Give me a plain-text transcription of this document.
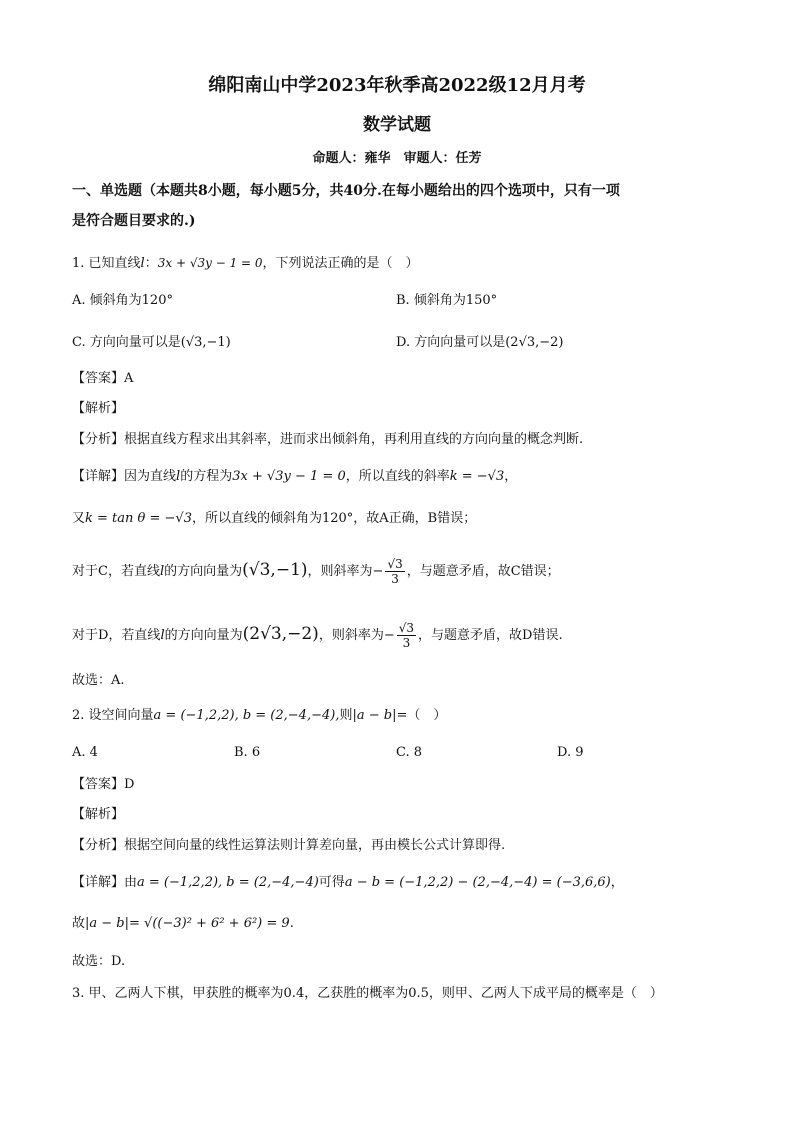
绵阳南山中学2023年秋季高2022级12月月考
数学试题
命题人：雍华　审题人：任芳
一、单选题（本题共8小题，每小题5分，共40分.在每小题给出的四个选项中，只有一项
是符合题目要求的.)
1. 已知直线l：3x + √3y − 1 = 0，下列说法正确的是（　）
A. 倾斜角为120°	B. 倾斜角为150°
C. 方向向量可以是(√3,−1)	D. 方向向量可以是(2√3,−2)
【答案】A
【解析】
【分析】根据直线方程求出其斜率，进而求出倾斜角，再利用直线的方向向量的概念判断.
【详解】因为直线l的方程为3x + √3y − 1 = 0，所以直线的斜率k = −√3，
又k = tan θ = −√3，所以直线的倾斜角为120°，故A正确，B错误；
对于C，若直线l的方向向量为(√3,−1)，则斜率为− $\frac{√3}{3}$ ，与题意矛盾，故C错误；
对于D，若直线l的方向向量为(2√3,−2)，则斜率为− $\frac{√3}{3}$ ，与题意矛盾，故D错误.
故选：A.
2. 设空间向量a = (−1,2,2), b = (2,−4,−4),则|a − b|=（　）
A. 4	B. 6	C. 8	D. 9
【答案】D
【解析】
【分析】根据空间向量的线性运算法则计算差向量，再由模长公式计算即得.
【详解】由a = (−1,2,2), b = (2,−4,−4)可得a − b = (−1,2,2) − (2,−4,−4) = (−3,6,6)，
故|a − b|= √((−3)² + 6² + 6²) = 9.
故选：D.
3. 甲、乙两人下棋，甲获胜的概率为0.4，乙获胜的概率为0.5，则甲、乙两人下成平局的概率是（　）
